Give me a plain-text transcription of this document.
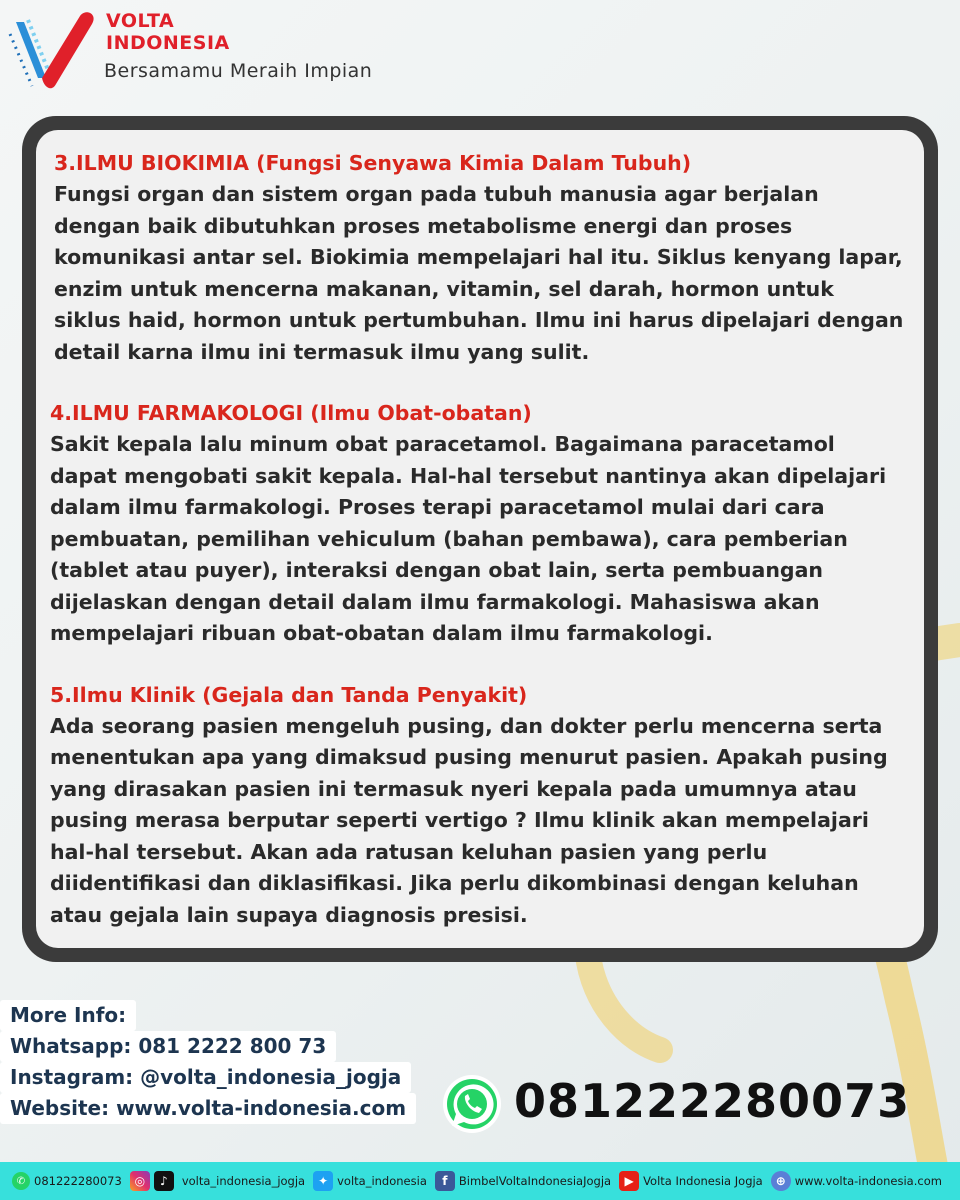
VOLTA
INDONESIA
Bersamamu Meraih Impian

3.ILMU BIOKIMIA (Fungsi Senyawa Kimia Dalam Tubuh)

Fungsi organ dan sistem organ pada tubuh manusia agar berjalan dengan baik dibutuhkan proses metabolisme energi dan proses komunikasi antar sel. Biokimia mempelajari hal itu. Siklus kenyang lapar, enzim untuk mencerna makanan, vitamin, sel darah, hormon untuk siklus haid, hormon untuk pertumbuhan. Ilmu ini harus dipelajari dengan detail karna ilmu ini termasuk ilmu yang sulit.

4.ILMU FARMAKOLOGI (Ilmu Obat-obatan)

Sakit kepala lalu minum obat paracetamol. Bagaimana paracetamol dapat mengobati sakit kepala. Hal-hal tersebut nantinya akan dipelajari dalam ilmu farmakologi. Proses terapi paracetamol mulai dari cara pembuatan, pemilihan vehiculum (bahan pembawa), cara pemberian (tablet atau puyer), interaksi dengan obat lain, serta pembuangan dijelaskan dengan detail dalam ilmu farmakologi. Mahasiswa akan mempelajari ribuan obat-obatan dalam ilmu farmakologi.

5.Ilmu Klinik (Gejala dan Tanda Penyakit)

Ada seorang pasien mengeluh pusing, dan dokter perlu mencerna serta menentukan apa yang dimaksud pusing menurut pasien. Apakah pusing yang dirasakan pasien ini termasuk nyeri kepala pada umumnya atau pusing merasa berputar seperti vertigo ? Ilmu klinik akan mempelajari hal-hal tersebut. Akan ada ratusan keluhan pasien yang perlu diidentifikasi dan diklasifikasi. Jika perlu dikombinasi dengan keluhan atau gejala lain supaya diagnosis presisi.

More Info:
Whatsapp: 081 2222 800 73
Instagram: @volta_indonesia_jogja
Website: www.volta-indonesia.com 081222280073
✆ 081222280073	◎	♪	volta_indonesia_jogja	✦ volta_indonesia	f BimbelVoltaIndonesiaJogja	▶ Volta Indonesia Jogja	⊕ www.volta-indonesia.com
